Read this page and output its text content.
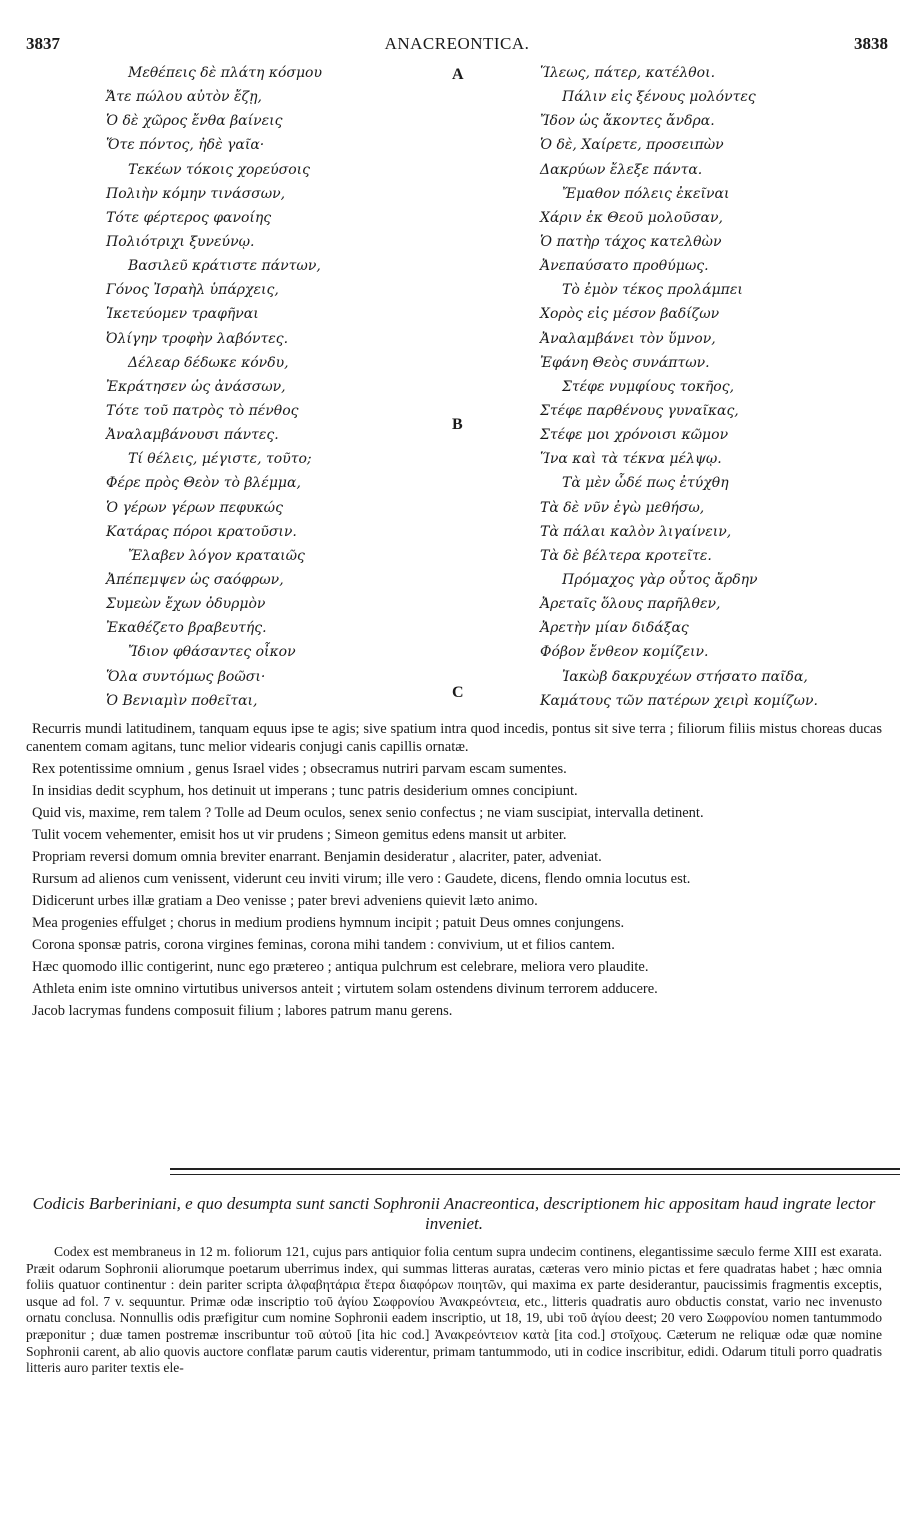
3837	ANACREONTICA.	3838
Μεθέπεις δὲ πλάτη κόσμου
Ἄτε πώλου αὐτὸν ἔζῃ,
Ὁ δὲ χῶρος ἔνθα βαίνεις
Ὅτε πόντος, ἠδὲ γαῖα·
Τεκέων τόκοις χορεύσοις
Πολιὴν κόμην τινάσσων,
Τότε φέρτερος φανοίης
Πολιότριχι ξυνεύνῳ.
Βασιλεῦ κράτιστε πάντων,
Γόνος Ἰσραὴλ ὑπάρχεις,
Ἱκετεύομεν τραφῆναι
Ὀλίγην τροφὴν λαβόντες.
Δέλεαρ δέδωκε κόνδυ,
Ἐκράτησεν ὡς ἀνάσσων,
Τότε τοῦ πατρὸς τὸ πένθος
Ἀναλαμβάνουσι πάντες.
Τί θέλεις, μέγιστε, τοῦτο;
Φέρε πρὸς Θεὸν τὸ βλέμμα,
Ὁ γέρων γέρων πεφυκώς
Κατάρας πόροι κρατοῦσιν.
Ἔλαβεν λόγον κραταιῶς
Ἀπέπεμψεν ὡς σαόφρων,
Συμεὼν ἔχων ὀδυρμὸν
Ἐκαθέζετο βραβευτής.
Ἴδιον φθάσαντες οἶκον
Ὅλα συντόμως βοῶσι·
Ὁ Βενιαμὶν ποθεῖται,
Ἵλεως, πάτερ, κατέλθοι.
Πάλιν εἰς ξένους μολόντες
Ἴδον ὡς ἄκοντες ἄνδρα.
Ὁ δὲ, Χαίρετε, προσειπὼν
Δακρύων ἔλεξε πάντα.
Ἔμαθον πόλεις ἐκεῖναι
Χάριν ἐκ Θεοῦ μολοῦσαν,
Ὁ πατὴρ τάχος κατελθὼν
Ἀνεπαύσατο προθύμως.
Τὸ ἐμὸν τέκος προλάμπει
Χορὸς εἰς μέσον βαδίζων
Ἀναλαμβάνει τὸν ὕμνον,
Ἐφάνη Θεὸς συνάπτων.
Στέφε νυμφίους τοκῆος,
Στέφε παρθένους γυναῖκας,
Στέφε μοι χρόνοισι κῶμον
Ἵνα καὶ τὰ τέκνα μέλψῳ.
Τὰ μὲν ὧδέ πως ἐτύχθη
Τὰ δὲ νῦν ἐγὼ μεθήσω,
Τὰ πάλαι καλὸν λιγαίνειν,
Τὰ δὲ βέλτερα κροτεῖτε.
Πρόμαχος γὰρ οὗτος ἄρδην
Ἀρεταῖς ὅλους παρῆλθεν,
Ἀρετὴν μίαν διδάξας
Φόβον ἔνθεον κομίζειν.
Ἰακὼβ δακρυχέων στήσατο παῖδα,
Καμάτους τῶν πατέρων χειρὶ κομίζων.
A
B
C

Recurris mundi latitudinem, tanquam equus ipse te agis; sive spatium intra quod incedis, pontus sit sive terra ; filiorum filiis mistus choreas ducas canentem comam agitans, tunc melior videaris conjugi canis capillis ornatæ.

Rex potentissime omnium , genus Israel vides ; obsecramus nutriri parvam escam sumentes.

In insidias dedit scyphum, hos detinuit ut imperans ; tunc patris desiderium omnes concipiunt.

Quid vis, maxime, rem talem ? Tolle ad Deum oculos, senex senio confectus ; ne viam suscipiat, intervalla detinent.

Tulit vocem vehementer, emisit hos ut vir prudens ; Simeon gemitus edens mansit ut arbiter.

Propriam reversi domum omnia breviter enarrant. Benjamin desideratur , alacriter, pater, adveniat.

Rursum ad alienos cum venissent, viderunt ceu inviti virum; ille vero : Gaudete, dicens, flendo omnia locutus est.

Didicerunt urbes illæ gratiam a Deo venisse ; pater brevi adveniens quievit læto animo.

Mea progenies effulget ; chorus in medium prodiens hymnum incipit ; patuit Deus omnes conjungens.

Corona sponsæ patris, corona virgines feminas, corona mihi tandem : convivium, ut et filios cantem.

Hæc quomodo illic contigerint, nunc ego prætereo ; antiqua pulchrum est celebrare, meliora vero plaudite.

Athleta enim iste omnino virtutibus universos anteit ; virtutem solam ostendens divinum terrorem adducere.

Jacob lacrymas fundens composuit filium ; labores patrum manu gerens.

Codicis Barberiniani, e quo desumpta sunt sancti Sophronii Anacreontica, descriptionem hic appositam haud ingrate lector inveniet.

Codex est membraneus in 12 m. foliorum 121, cujus pars antiquior folia centum supra undecim continens, elegantissime sæculo ferme XIII est exarata. Præit odarum Sophronii aliorumque poetarum uberrimus index, qui summas litteras auratas, cæteras vero minio pictas et fere quadratas habet ; hæc omnia foliis quatuor continentur : dein pariter scripta ἀλφαβητάρια ἕτερα διαφόρων ποιητῶν, qui maxima ex parte desiderantur, paucissimis fragmentis exceptis, usque ad fol. 7 v. sequuntur. Primæ odæ inscriptio τοῦ ἁγίου Σωφρονίου Ἀνακρεόντεια, etc., litteris quadratis auro obductis constat, vario nec invenusto ornatu conclusa. Nonnullis odis præfigitur cum nomine Sophronii eadem inscriptio, ut 18, 19, ubi τοῦ ἁγίου deest; 20 vero Σωφρονίου nomen tantummodo præponitur ; duæ tamen postremæ inscribuntur τοῦ αὐτοῦ [ita hic cod.] Ἀνακρεόντειον κατὰ [ita cod.] στοῖχους. Cæterum ne reliquæ odæ quæ nomine Sophronii carent, ab alio quovis auctore conflatæ parum cautis viderentur, primam tantummodo, uti in codice inscribitur, edidi. Odarum tituli porro quadratis litteris auro pariter textis ele-
